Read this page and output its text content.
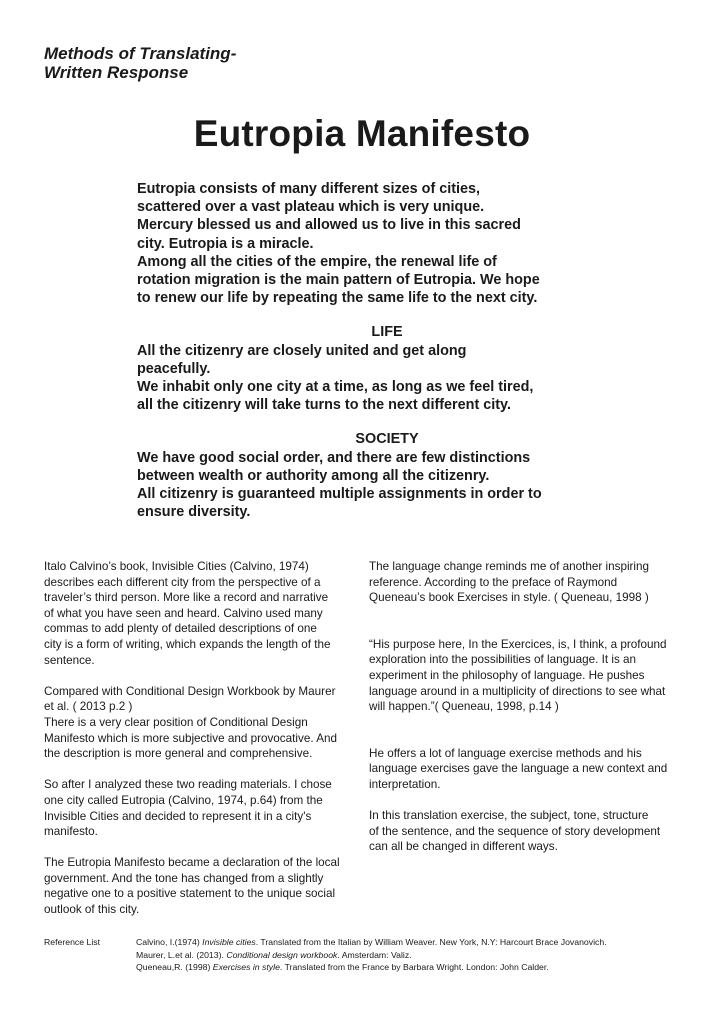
Methods of Translating-
Written Response
Eutropia Manifesto

Eutropia consists of many different sizes of cities,
scattered over a vast plateau which is very unique.
Mercury blessed us and allowed us to live in this sacred
city. Eutropia is a miracle.
Among all the cities of the empire, the renewal life of
rotation migration is the main pattern of Eutropia. We hope
to renew our life by repeating the same life to the next city.

LIFE

All the citizenry are closely united and get along
peacefully.
We inhabit only one city at a time, as long as we feel tired,
all the citizenry will take turns to the next different city.

SOCIETY

We have good social order, and there are few distinctions
between wealth or authority among all the citizenry.
All citizenry is guaranteed multiple assignments in order to
ensure diversity.

Italo Calvino’s book, Invisible Cities (Calvino, 1974)
describes each different city from the perspective of a
traveler’s third person. More like a record and narrative
of what you have seen and heard. Calvino used many
commas to add plenty of detailed descriptions of one
city is a form of writing, which expands the length of the
sentence.

Compared with Conditional Design Workbook by Maurer
et al. ( 2013 p.2 )
There is a very clear position of Conditional Design
Manifesto which is more subjective and provocative. And
the description is more general and comprehensive.

So after I analyzed these two reading materials. I chose
one city called Eutropia (Calvino, 1974, p.64) from the
Invisible Cities and decided to represent it in a city's
manifesto.

The Eutropia Manifesto became a declaration of the local
government. And the tone has changed from a slightly
negative one to a positive statement to the unique social
outlook of this city.

The language change reminds me of another inspiring
reference. According to the preface of Raymond
Queneau’s book Exercises in style. ( Queneau, 1998 )

“His purpose here, In the Exercices, is, I think, a profound
exploration into the possibilities of language. It is an
experiment in the philosophy of language. He pushes
language around in a multiplicity of directions to see what
will happen.”( Queneau, 1998, p.14 )

He offers a lot of language exercise methods and his
language exercises gave the language a new context and
interpretation.

In this translation exercise, the subject, tone, structure
of the sentence, and the sequence of story development
can all be changed in different ways.

Reference List	Calvino, I.(1974) Invisible cities. Translated from the Italian by William Weaver. New York, N.Y: Harcourt Brace Jovanovich.
Maurer, L.et al. (2013). Conditional design workbook. Amsterdam: Valiz.
Queneau,R. (1998) Exercises in style. Translated from the France by Barbara Wright. London: John Calder.
